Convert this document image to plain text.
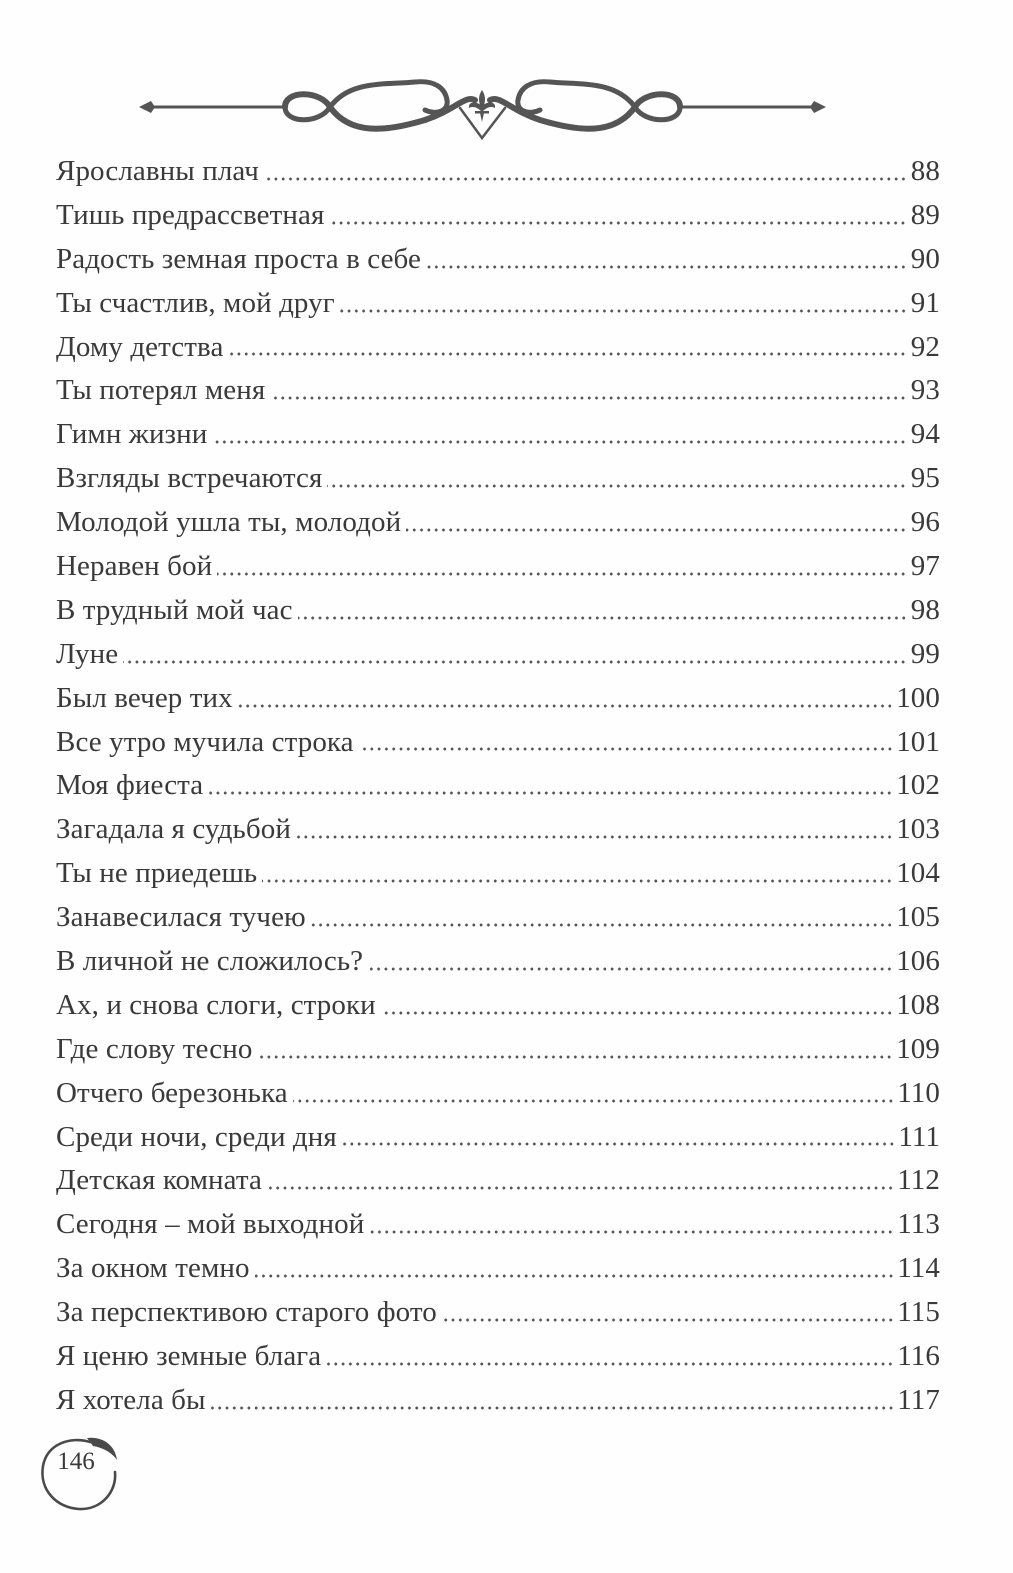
Ярославны плач	88
Тишь предрассветная	89
Радость земная проста в себе	90
Ты счастлив, мой друг	91
Дому детства	92
Ты потерял меня	93
Гимн жизни	94
Взгляды встречаются	95
Молодой ушла ты, молодой	96
Неравен бой	97
В трудный мой час	98
Луне	99
Был вечер тих	100
Все утро мучила строка	101
Моя фиеста	102
Загадала я судьбой	103
Ты не приедешь	104
Занавесилася тучею	105
В личной не сложилось?	106
Ах, и снова слоги, строки	108
Где слову тесно	109
Отчего березонька	110
Среди ночи, среди дня	111
Детская комната	112
Сегодня – мой выходной	113
За окном темно	114
За перспективою старого фото	115
Я ценю земные блага	116
Я хотела бы	117
146
